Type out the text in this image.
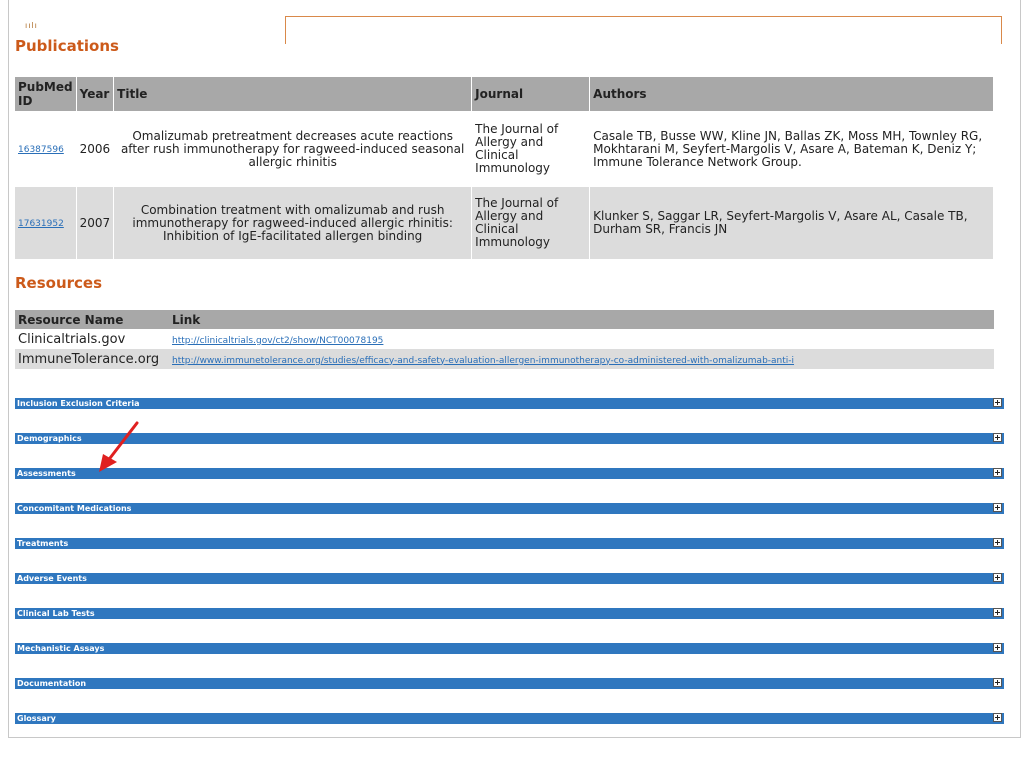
ıılı
Publications
PubMed ID	Year	Title	Journal	Authors
16387596	2006	Omalizumab pretreatment decreases acute reactions after rush immunotherapy for ragweed-induced seasonal allergic rhinitis	The Journal of Allergy and Clinical Immunology	Casale TB, Busse WW, Kline JN, Ballas ZK, Moss MH, Townley RG, Mokhtarani M, Seyfert-Margolis V, Asare A, Bateman K, Deniz Y; Immune Tolerance Network Group.
17631952	2007	Combination treatment with omalizumab and rush immunotherapy for ragweed-induced allergic rhinitis: Inhibition of IgE-facilitated allergen binding	The Journal of Allergy and Clinical Immunology	Klunker S, Saggar LR, Seyfert-Margolis V, Asare AL, Casale TB, Durham SR, Francis JN
Resources
Resource Name	Link
Clinicaltrials.gov	http://clinicaltrials.gov/ct2/show/NCT00078195
ImmuneTolerance.org	http://www.immunetolerance.org/studies/efficacy-and-safety-evaluation-allergen-immunotherapy-co-administered-with-omalizumab-anti-i
Inclusion Exclusion Criteria
Demographics
Assessments
Concomitant Medications
Treatments
Adverse Events
Clinical Lab Tests
Mechanistic Assays
Documentation
Glossary
